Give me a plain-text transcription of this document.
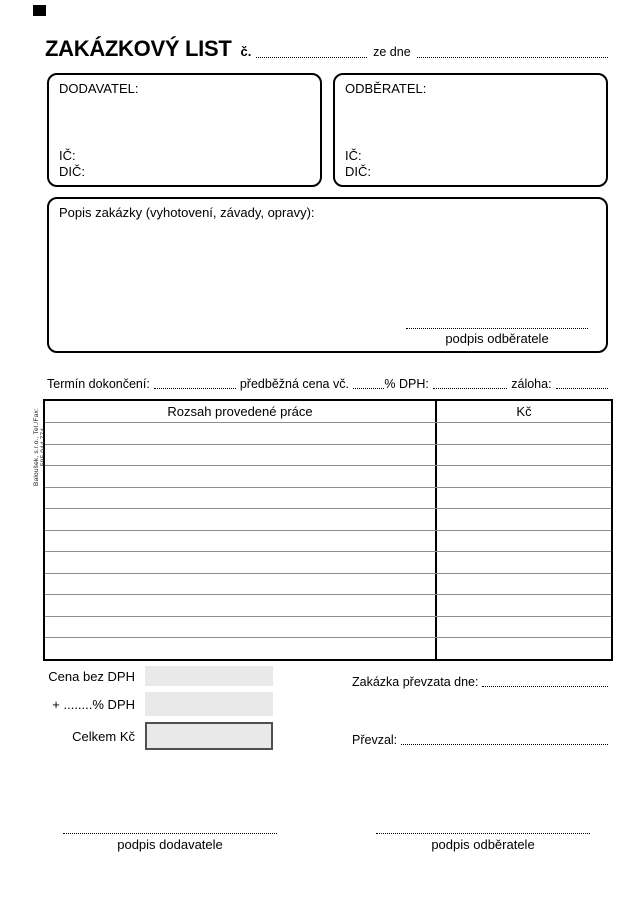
ZAKÁZKOVÝ LIST č.	ze dne
DODAVATEL:
IČ:
DIČ:
ODBĚRATEL:
IČ:
DIČ:
Popis zakázky (vyhotovení, závady, opravy):
podpis odběratele
Termín dokončení:	předběžná cena vč.	% DPH:	záloha:
Rozsah provedené práce	Kč
Baloušek, s.r.o., Tel./Fax: 595 044 774
Cena bez DPH
+ ........% DPH
Celkem Kč
Zakázka převzata dne:
Převzal:
podpis dodavatele	podpis odběratele
